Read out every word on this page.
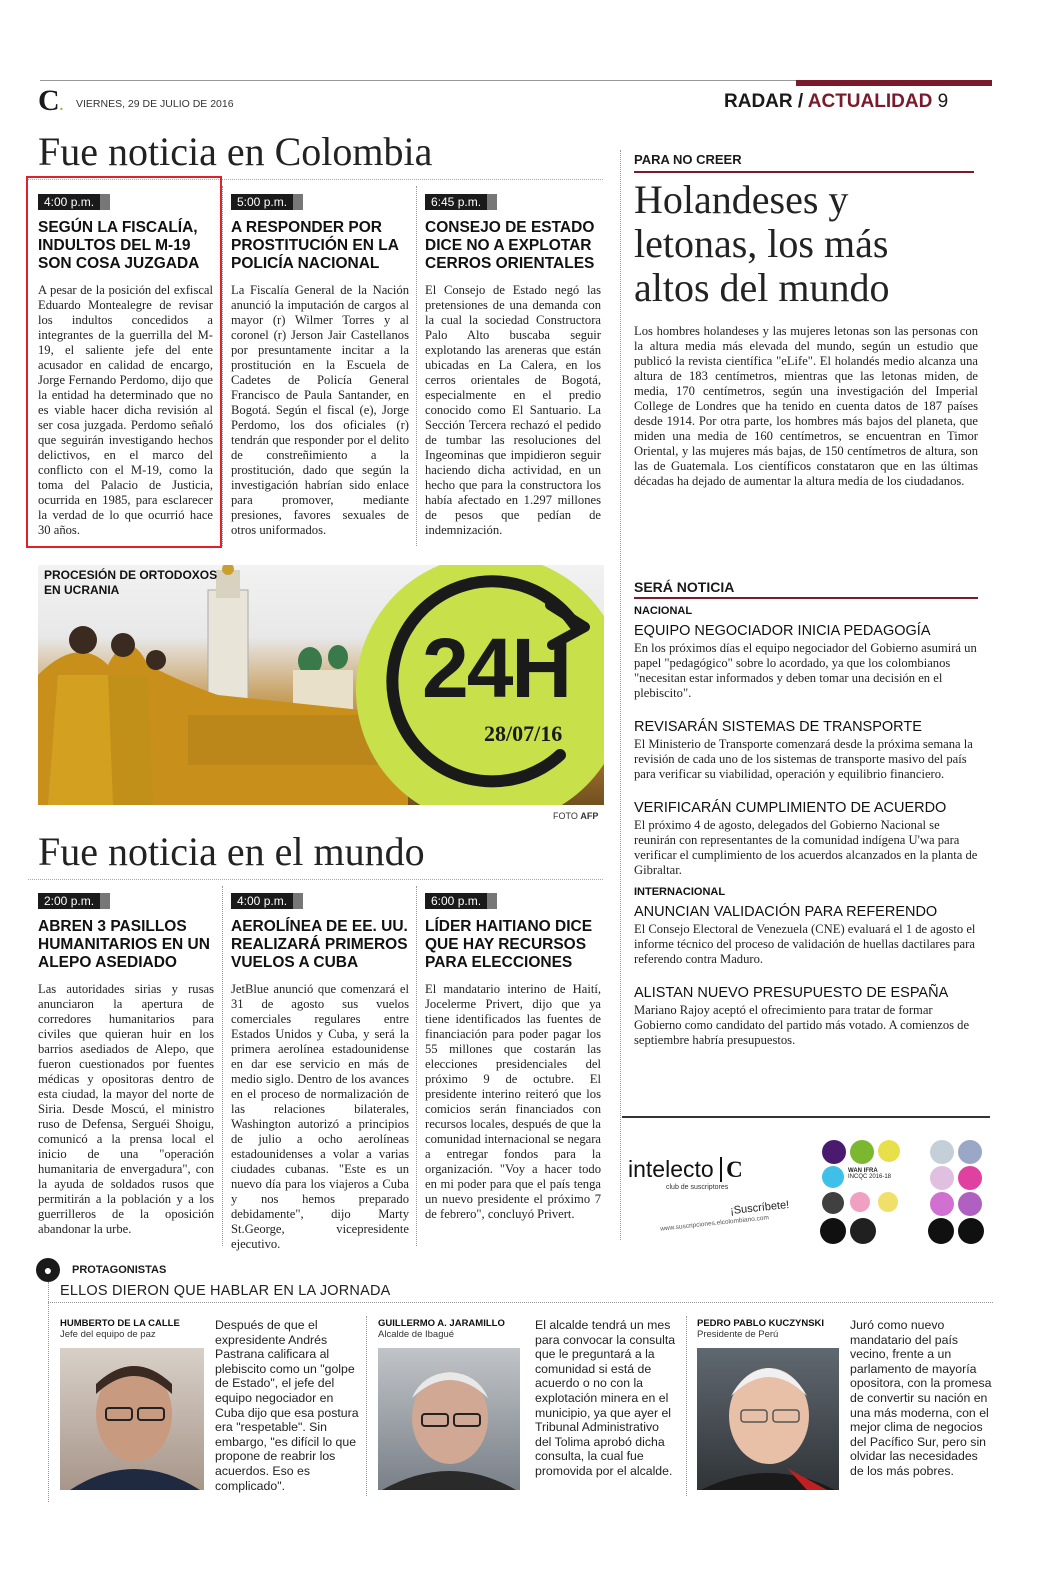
C. VIERNES, 29 DE JULIO DE 2016	RADAR / ACTUALIDAD 9
Fue noticia en Colombia
4:00 p.m.
SEGÚN LA FISCALÍA, INDULTOS DEL M-19 SON COSA JUZGADA
A pesar de la posición del exfiscal Eduardo Montealegre de revisar los indultos concedidos a integrantes de la guerrilla del M-19, el saliente jefe del ente acusador en calidad de encargo, Jorge Fernando Perdomo, dijo que la entidad ha determinado que no es viable hacer dicha revisión al ser cosa juzgada. Perdomo señaló que seguirán investigando hechos delictivos, en el marco del conflicto con el M-19, como la toma del Palacio de Justicia, ocurrida en 1985, para esclarecer la verdad de lo que ocurrió hace 30 años.
5:00 p.m.
A RESPONDER POR PROSTITUCIÓN EN LA POLICÍA NACIONAL
La Fiscalía General de la Nación anunció la imputación de cargos al mayor (r) Wilmer Torres y al coronel (r) Jerson Jair Castellanos por presuntamente incitar a la prostitución en la Escuela de Cadetes de Policía General Francisco de Paula Santander, en Bogotá. Según el fiscal (e), Jorge Perdomo, los dos oficiales (r) tendrán que responder por el delito de constreñimiento a la prostitución, dado que según la investigación habrían sido enlace para promover, mediante presiones, favores sexuales de otros uniformados.
6:45 p.m.
CONSEJO DE ESTADO DICE NO A EXPLOTAR CERROS ORIENTALES
El Consejo de Estado negó las pretensiones de una demanda con la cual la sociedad Constructora Palo Alto buscaba seguir explotando las areneras que están ubicadas en La Calera, en los cerros orientales de Bogotá, especialmente en el predio conocido como El Santuario. La Sección Tercera rechazó el pedido de tumbar las resoluciones del Ingeominas que impidieron seguir haciendo dicha actividad, en un hecho que para la constructora los había afectado en 1.297 millones de pesos que pedían de indemnización.
PARA NO CREER
Holandeses y letonas, los más altos del mundo
Los hombres holandeses y las mujeres letonas son las personas con la altura media más elevada del mundo, según un estudio que publicó la revista científica "eLife". El holandés medio alcanza una altura de 183 centímetros, mientras que las letonas miden, de media, 170 centímetros, según una investigación del Imperial College de Londres que ha tenido en cuenta datos de 187 países desde 1914. Por otra parte, los hombres más bajos del planeta, que miden una media de 160 centímetros, se encuentran en Timor Oriental, y las mujeres más bajas, de 150 centímetros de altura, son las de Guatemala. Los científicos constataron que en las últimas décadas ha dejado de aumentar la altura media de los ciudadanos.
PROCESIÓN DE ORTODOXOS EN UCRANIA
24H
28/07/16
FOTO AFP
Fue noticia en el mundo
2:00 p.m.
ABREN 3 PASILLOS HUMANITARIOS EN UN ALEPO ASEDIADO
Las autoridades sirias y rusas anunciaron la apertura de corredores humanitarios para civiles que quieran huir en los barrios asediados de Alepo, que fueron cuestionados por fuentes médicas y opositoras dentro de esta ciudad, la mayor del norte de Siria. Desde Moscú, el ministro ruso de Defensa, Serguéi Shoigu, comunicó a la prensa local el inicio de una "operación humanitaria de envergadura", con la ayuda de soldados rusos que permitirán a la población y a los guerrilleros de la oposición abandonar la urbe.
4:00 p.m.
AEROLÍNEA DE EE. UU. REALIZARÁ PRIMEROS VUELOS A CUBA
JetBlue anunció que comenzará el 31 de agosto sus vuelos comerciales regulares entre Estados Unidos y Cuba, y será la primera aerolínea estadounidense en dar ese servicio en más de medio siglo. Dentro de los avances en el proceso de normalización de las relaciones bilaterales, Washington autorizó a principios de julio a ocho aerolíneas estadounidenses a volar a varias ciudades cubanas. "Este es un nuevo día para los viajeros a Cuba y nos hemos preparado debidamente", dijo Marty St.George, vicepresidente ejecutivo.
6:00 p.m.
LÍDER HAITIANO DICE QUE HAY RECURSOS PARA ELECCIONES
El mandatario interino de Haití, Jocelerme Privert, dijo que ya tiene identificados las fuentes de financiación para poder pagar los 55 millones que costarán las elecciones presidenciales del próximo 9 de octubre. El presidente interino reiteró que los comicios serán financiados con recursos locales, después de que la comunidad internacional se negara a entregar fondos para la organización. "Voy a hacer todo en mi poder para que el país tenga un nuevo presidente el próximo 7 de febrero", concluyó Privert.
SERÁ NOTICIA
NACIONAL
EQUIPO NEGOCIADOR INICIA PEDAGOGÍA
En los próximos días el equipo negociador del Gobierno asumirá un papel "pedagógico" sobre lo acordado, ya que los colombianos "necesitan estar informados y deben tomar una decisión en el plebiscito".
REVISARÁN SISTEMAS DE TRANSPORTE
El Ministerio de Transporte comenzará desde la próxima semana la revisión de cada uno de los sistemas de transporte masivo del país para verificar su viabilidad, operación y equilibrio financiero.
VERIFICARÁN CUMPLIMIENTO DE ACUERDO
El próximo 4 de agosto, delegados del Gobierno Nacional se reunirán con representantes de la comunidad indígena U'wa para verificar el cumplimiento de los acuerdos alcanzados en la planta de Gibraltar.
INTERNACIONAL
ANUNCIAN VALIDACIÓN PARA REFERENDO
El Consejo Electoral de Venezuela (CNE) evaluará el 1 de agosto el informe técnico del proceso de validación de huellas dactilares para referendo contra Maduro.
ALISTAN NUEVO PRESUPUESTO DE ESPAÑA
Mariano Rajoy aceptó el ofrecimiento para tratar de formar Gobierno como candidato del partido más votado. A comienzos de septiembre habría presupuestos.
intelecto C
club de suscriptores
¡Suscríbete!
www.suscripciones.elcolombiano.com
WAN IFRA
INCQC 2016-18
●	PROTAGONISTAS
ELLOS DIERON QUE HABLAR EN LA JORNADA
HUMBERTO DE LA CALLE
Jefe del equipo de paz
Después de que el expresidente Andrés Pastrana calificara al plebiscito como un "golpe de Estado", el jefe del equipo negociador en Cuba dijo que esa postura era "respetable". Sin embargo, "es difícil lo que propone de reabrir los acuerdos. Eso es complicado".
GUILLERMO A. JARAMILLO
Alcalde de Ibagué
El alcalde tendrá un mes para convocar la consulta que le preguntará a la comunidad si está de acuerdo o no con la explotación minera en el municipio, ya que ayer el Tribunal Administrativo del Tolima aprobó dicha consulta, la cual fue promovida por el alcalde.
PEDRO PABLO KUCZYNSKI
Presidente de Perú
Juró como nuevo mandatario del país vecino, frente a un parlamento de mayoría opositora, con la promesa de convertir su nación en una más moderna, con el mejor clima de negocios del Pacífico Sur, pero sin olvidar las necesidades de los más pobres.
